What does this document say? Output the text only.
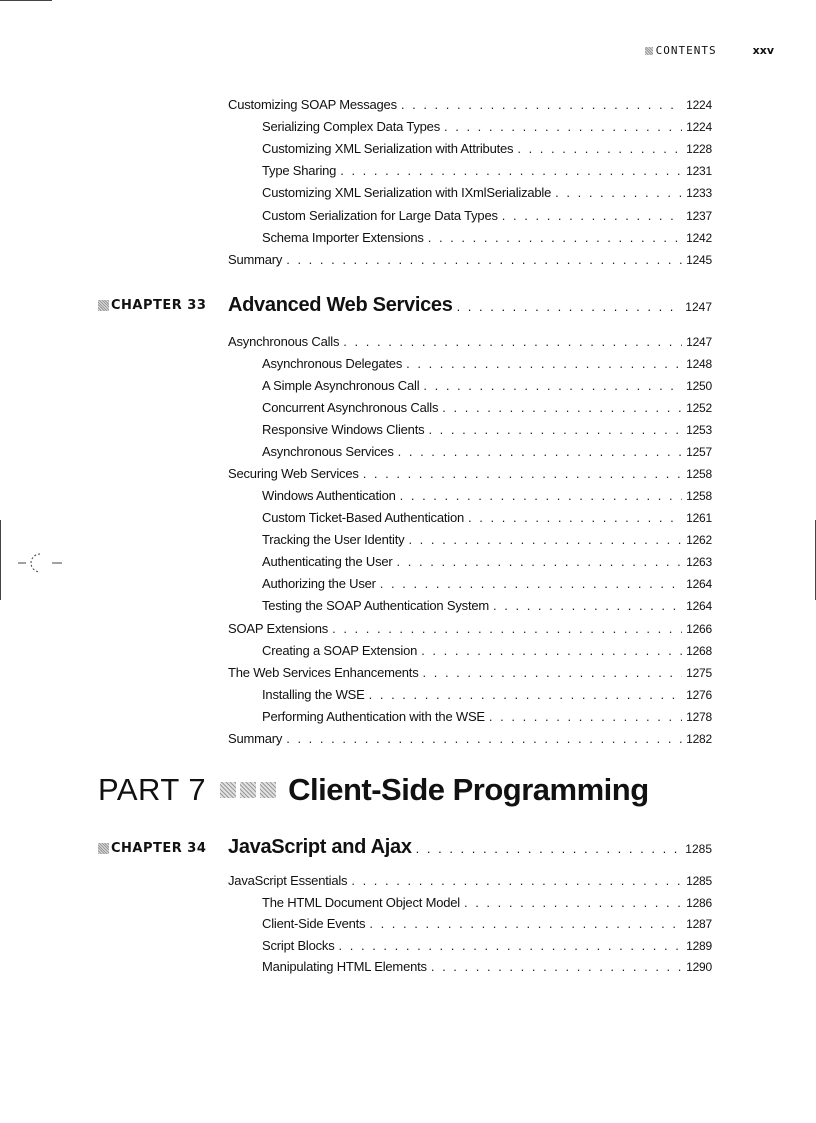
CONTENTS	xxv
Customizing SOAP Messages . . .	1224
Serializing Complex Data Types . . .	1224
Customizing XML Serialization with Attributes . . .	1228
Type Sharing . . .	1231
Customizing XML Serialization with IXmlSerializable . . .	1233
Custom Serialization for Large Data Types . . .	1237
Schema Importer Extensions . . .	1242
Summary . . .	1245
CHAPTER 33 Advanced Web Services . . .	1247
Asynchronous Calls . . .	1247
Asynchronous Delegates . . .	1248
A Simple Asynchronous Call . . .	1250
Concurrent Asynchronous Calls . . .	1252
Responsive Windows Clients . . .	1253
Asynchronous Services . . .	1257
Securing Web Services . . .	1258
Windows Authentication . . .	1258
Custom Ticket-Based Authentication . . .	1261
Tracking the User Identity . . .	1262
Authenticating the User . . .	1263
Authorizing the User . . .	1264
Testing the SOAP Authentication System . . .	1264
SOAP Extensions . . .	1266
Creating a SOAP Extension . . .	1268
The Web Services Enhancements . . .	1275
Installing the WSE . . .	1276
Performing Authentication with the WSE . . .	1278
Summary . . .	1282
PART 7	Client-Side Programming
CHAPTER 34 JavaScript and Ajax . . .	1285
JavaScript Essentials . . .	1285
The HTML Document Object Model . . .	1286
Client-Side Events . . .	1287
Script Blocks . . .	1289
Manipulating HTML Elements . . .	1290
